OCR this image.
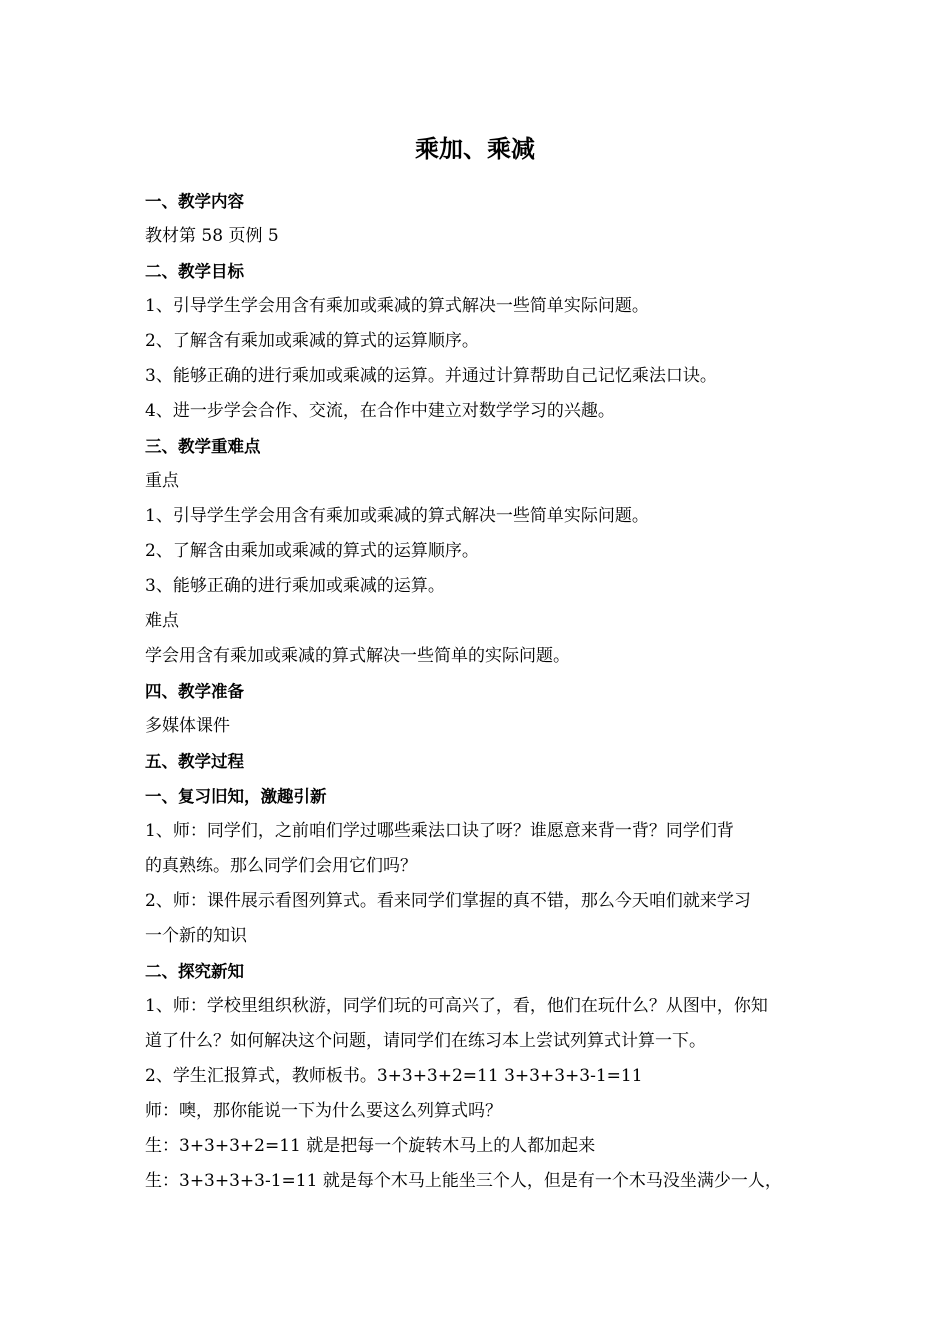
乘加、乘减
一、教学内容
教材第 58 页例 5
二、教学目标
1、引导学生学会用含有乘加或乘减的算式解决一些简单实际问题。
2、了解含有乘加或乘减的算式的运算顺序。
3、能够正确的进行乘加或乘减的运算。并通过计算帮助自己记忆乘法口诀。
4、进一步学会合作、交流，在合作中建立对数学学习的兴趣。
三、教学重难点
重点
1、引导学生学会用含有乘加或乘减的算式解决一些简单实际问题。
2、了解含由乘加或乘减的算式的运算顺序。
3、能够正确的进行乘加或乘减的运算。
难点
学会用含有乘加或乘减的算式解决一些简单的实际问题。
四、教学准备
多媒体课件
五、教学过程
一、复习旧知，激趣引新
1、师：同学们，之前咱们学过哪些乘法口诀了呀？谁愿意来背一背？同学们背
的真熟练。那么同学们会用它们吗？
2、师：课件展示看图列算式。看来同学们掌握的真不错，那么今天咱们就来学习
一个新的知识
二、探究新知
1、师：学校里组织秋游，同学们玩的可高兴了，看，他们在玩什么？从图中，你知
道了什么？如何解决这个问题，请同学们在练习本上尝试列算式计算一下。
2、学生汇报算式，教师板书。3+3+3+2=11 3+3+3+3-1=11
师：噢，那你能说一下为什么要这么列算式吗？
生：3+3+3+2=11 就是把每一个旋转木马上的人都加起来
生：3+3+3+3-1=11 就是每个木马上能坐三个人，但是有一个木马没坐满少一人，
